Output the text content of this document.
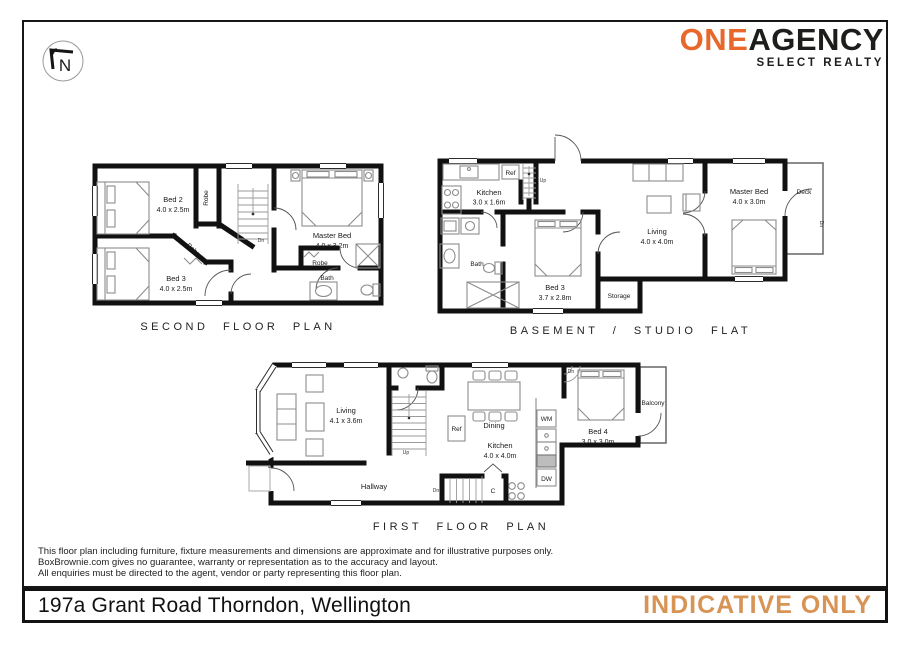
N
ONEAGENCY
SELECT REALTY
Dn
Bed 2
4.0 x 2.5m
Bed 3
4.0 x 2.5m
Master Bed
4.0 x 3.2m
Bath
Robe
Robe
Robe
SECOND FLOOR PLAN
Up
Kitchen
3.0 x 1.6m
Ref
Bath
Bed 3
3.7 x 2.8m	Storage
Living
4.0 x 4.0m
Master Bed
4.0 x 3.0m
Deck
Dn
BASEMENT / STUDIO FLAT
Up
Dn
Dn
Living
4.1 x 3.6m
Ref	Dining
Kitchen
4.0 x 4.0m
WM
DW
C
Hallway
Bed 4
3.0 x 3.0m
Balcony
FIRST FLOOR PLAN
This floor plan including furniture, fixture measurements and dimensions are approximate and for illustrative purposes only.
BoxBrownie.com gives no guarantee, warranty or representation as to the accuracy and layout.
All enquiries must be directed to the agent, vendor or party representing this floor plan.
197a Grant Road Thorndon, Wellington	INDICATIVE ONLY
